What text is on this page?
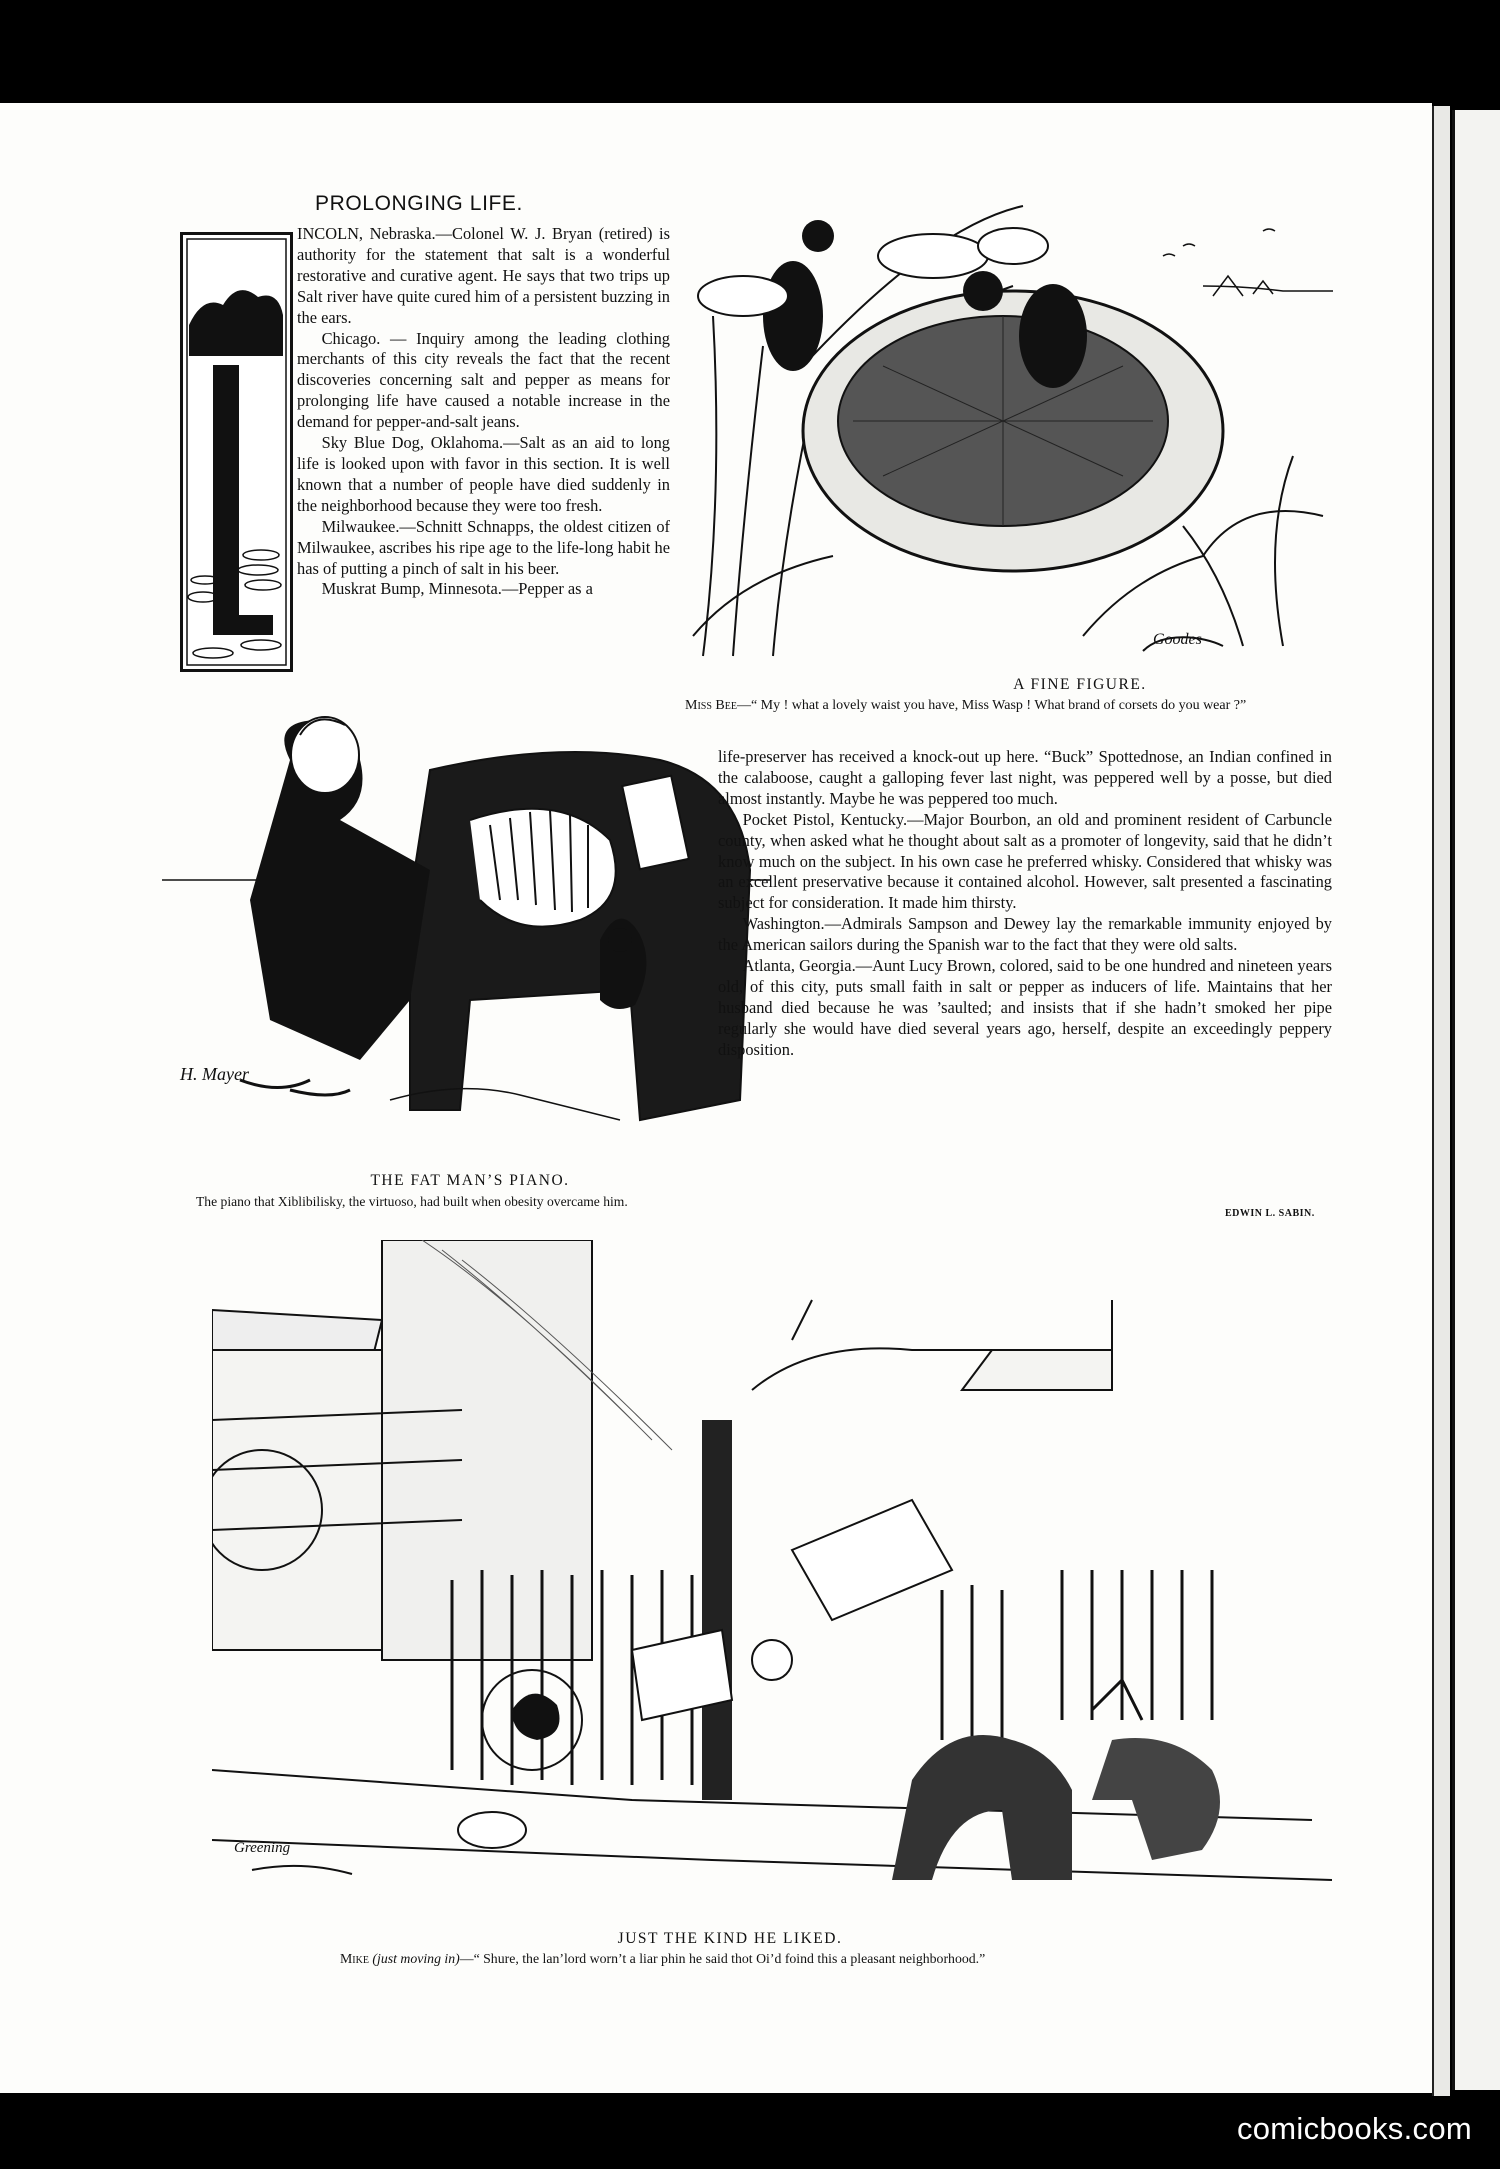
PROLONGING LIFE.
L

INCOLN, Nebraska.—Colonel W. J. Bryan (retired) is authority for the statement that salt is a wonderful restorative and curative agent. He says that two trips up Salt river have quite cured him of a persistent buzzing in the ears.

Chicago. — Inquiry among the leading clothing merchants of this city reveals the fact that the recent discoveries concerning salt and pepper as means for prolonging life have caused a notable increase in the demand for pepper-and-salt jeans.

Sky Blue Dog, Oklahoma.—Salt as an aid to long life is looked upon with favor in this section. It is well known that a number of people have died suddenly in the neighborhood because they were too fresh.

Milwaukee.—Schnitt Schnapps, the oldest citizen of Milwaukee, ascribes his ripe age to the life-long habit he has of putting a pinch of salt in his beer.

Muskrat Bump, Minnesota.—Pepper as a

Goodes
A FINE FIGURE.
Miss Bee—“ My ! what a lovely waist you have, Miss Wasp ! What brand of corsets do you wear ?”
H. Mayer
THE FAT MAN’S PIANO.
The piano that Xiblibilisky, the virtuoso, had built when obesity overcame him.

life-preserver has received a knock-out up here. “Buck” Spottednose, an Indian confined in the calaboose, caught a galloping fever last night, was peppered well by a posse, but died almost instantly. Maybe he was peppered too much.

Pocket Pistol, Kentucky.—Major Bourbon, an old and prominent resident of Carbuncle county, when asked what he thought about salt as a promoter of longevity, said that he didn’t know much on the subject. In his own case he preferred whisky. Considered that whisky was an excellent preservative because it contained alcohol. However, salt presented a fascinating subject for consideration. It made him thirsty.

Washington.—Admirals Sampson and Dewey lay the remarkable immunity enjoyed by the American sailors during the Spanish war to the fact that they were old salts.

Atlanta, Georgia.—Aunt Lucy Brown, colored, said to be one hundred and nineteen years old, of this city, puts small faith in salt or pepper as inducers of life. Maintains that her husband died because he was ’saulted; and insists that if she hadn’t smoked her pipe regularly she would have died several years ago, herself, despite an exceedingly peppery disposition.

EDWIN L. SABIN.
Greening
JUST THE KIND HE LIKED.
Mike (just moving in)—“ Shure, the lan’lord worn’t a liar phin he said thot Oi’d foind this a pleasant neighborhood.”
comicbooks.com
